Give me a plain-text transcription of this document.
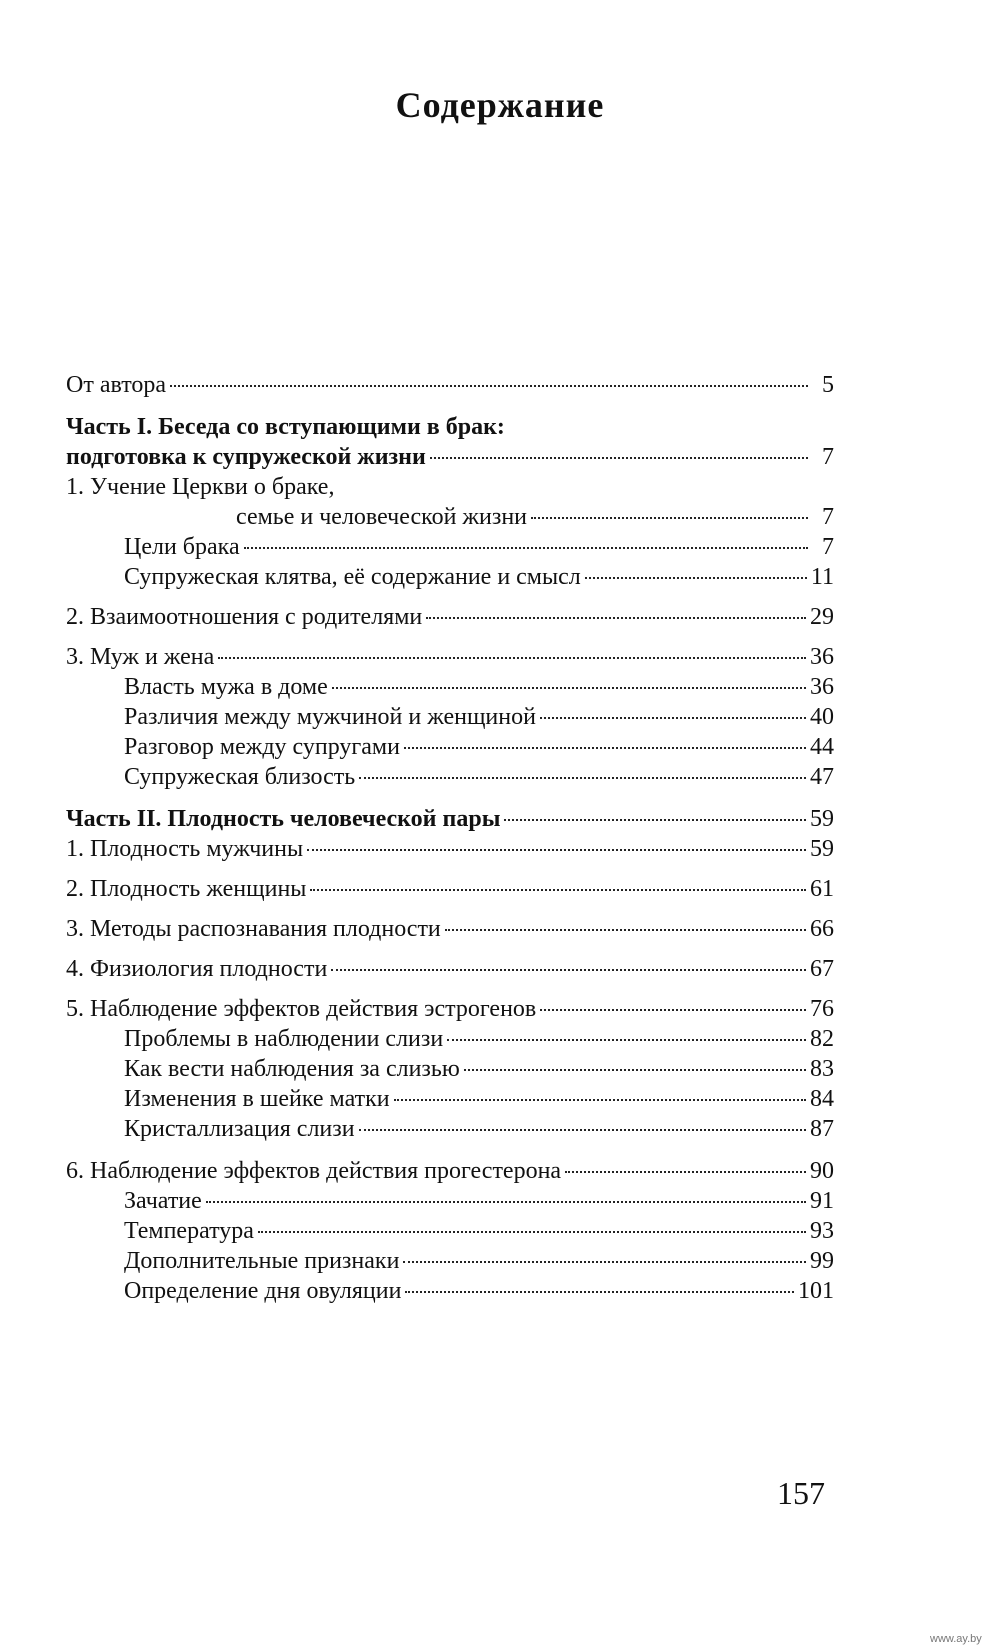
Содержание
От автора	5
Часть I. Беседа со вступающими в брак:
подготовка к супружеской жизни	7
1. Учение Церкви о браке,
семье и человеческой жизни	7
Цели брака	7
Супружеская клятва, её содержание и смысл	11
2. Взаимоотношения с родителями	29
3. Муж и жена	36
Власть мужа в доме	36
Различия между мужчиной и женщиной	40
Разговор между супругами	44
Супружеская близость	47
Часть II. Плодность человеческой пары	59
1. Плодность мужчины	59
2. Плодность женщины	61
3. Методы распознавания плодности	66
4. Физиология плодности	67
5. Наблюдение эффектов действия эстрогенов	76
Проблемы в наблюдении слизи	82
Как вести наблюдения за слизью	83
Изменения в шейке матки	84
Кристаллизация слизи	87
6. Наблюдение эффектов действия прогестерона	90
Зачатие	91
Температура	93
Дополнительные признаки	99
Определение дня овуляции	101
157
www.ay.by
